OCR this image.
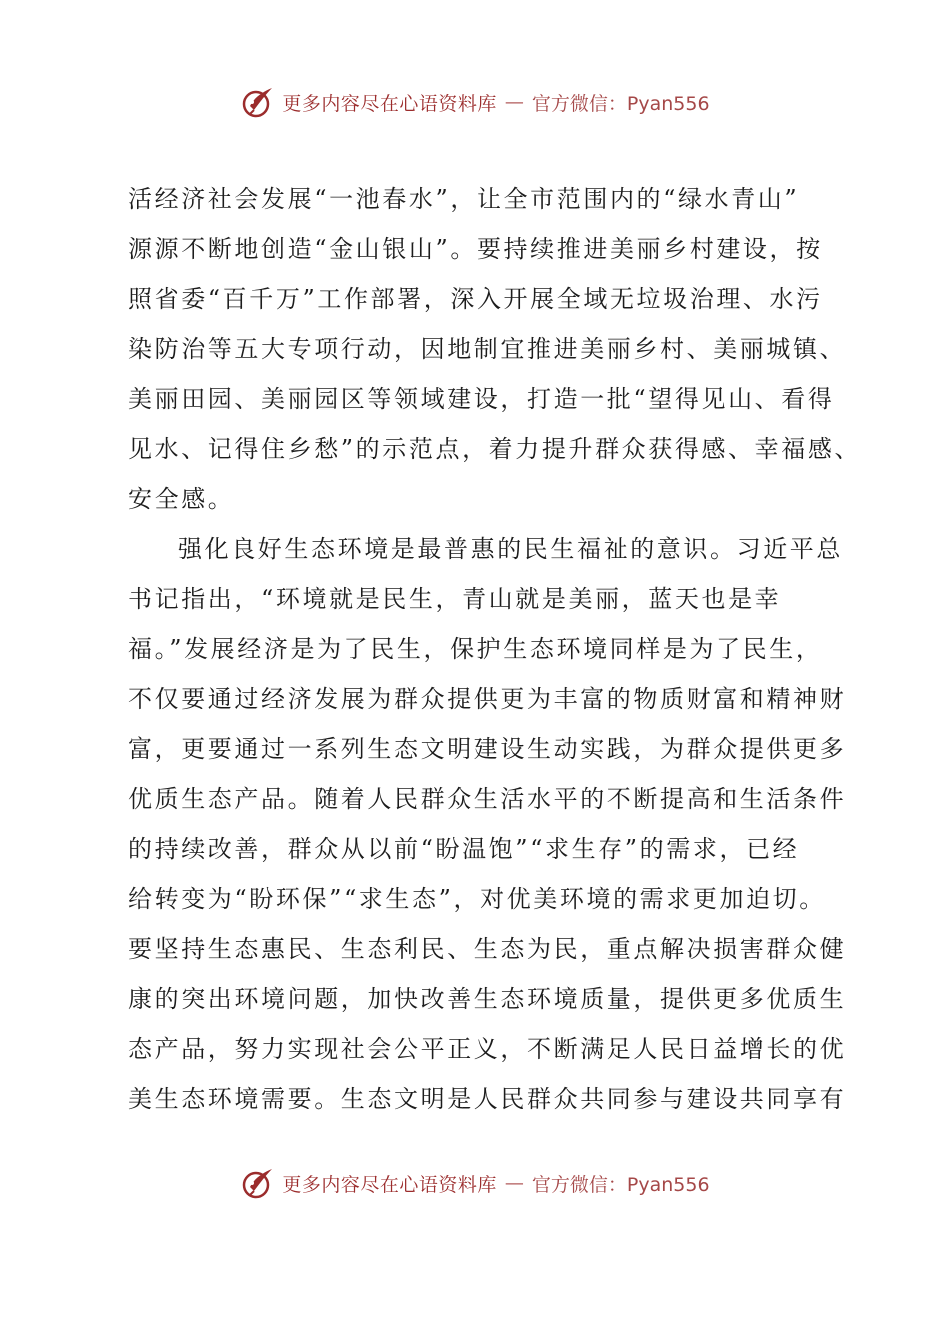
更多内容尽在心语资料库 — 官方微信：Pyan556
活经济社会发展“一池春水”，让全市范围内的“绿水青山”
源源不断地创造“金山银山”。要持续推进美丽乡村建设，按
照省委“百千万”工作部署，深入开展全域无垃圾治理、水污
染防治等五大专项行动，因地制宜推进美丽乡村、美丽城镇、
美丽田园、美丽园区等领域建设，打造一批“望得见山、看得
见水、记得住乡愁”的示范点，着力提升群众获得感、幸福感、
安全感。
强化良好生态环境是最普惠的民生福祉的意识。习近平总
书记指出，“环境就是民生，青山就是美丽，蓝天也是幸
福。”发展经济是为了民生，保护生态环境同样是为了民生，
不仅要通过经济发展为群众提供更为丰富的物质财富和精神财
富，更要通过一系列生态文明建设生动实践，为群众提供更多
优质生态产品。随着人民群众生活水平的不断提高和生活条件
的持续改善，群众从以前“盼温饱”“求生存”的需求，已经
给转变为“盼环保”“求生态”，对优美环境的需求更加迫切。
要坚持生态惠民、生态利民、生态为民，重点解决损害群众健
康的突出环境问题，加快改善生态环境质量，提供更多优质生
态产品，努力实现社会公平正义，不断满足人民日益增长的优
美生态环境需要。生态文明是人民群众共同参与建设共同享有
更多内容尽在心语资料库 — 官方微信：Pyan556
